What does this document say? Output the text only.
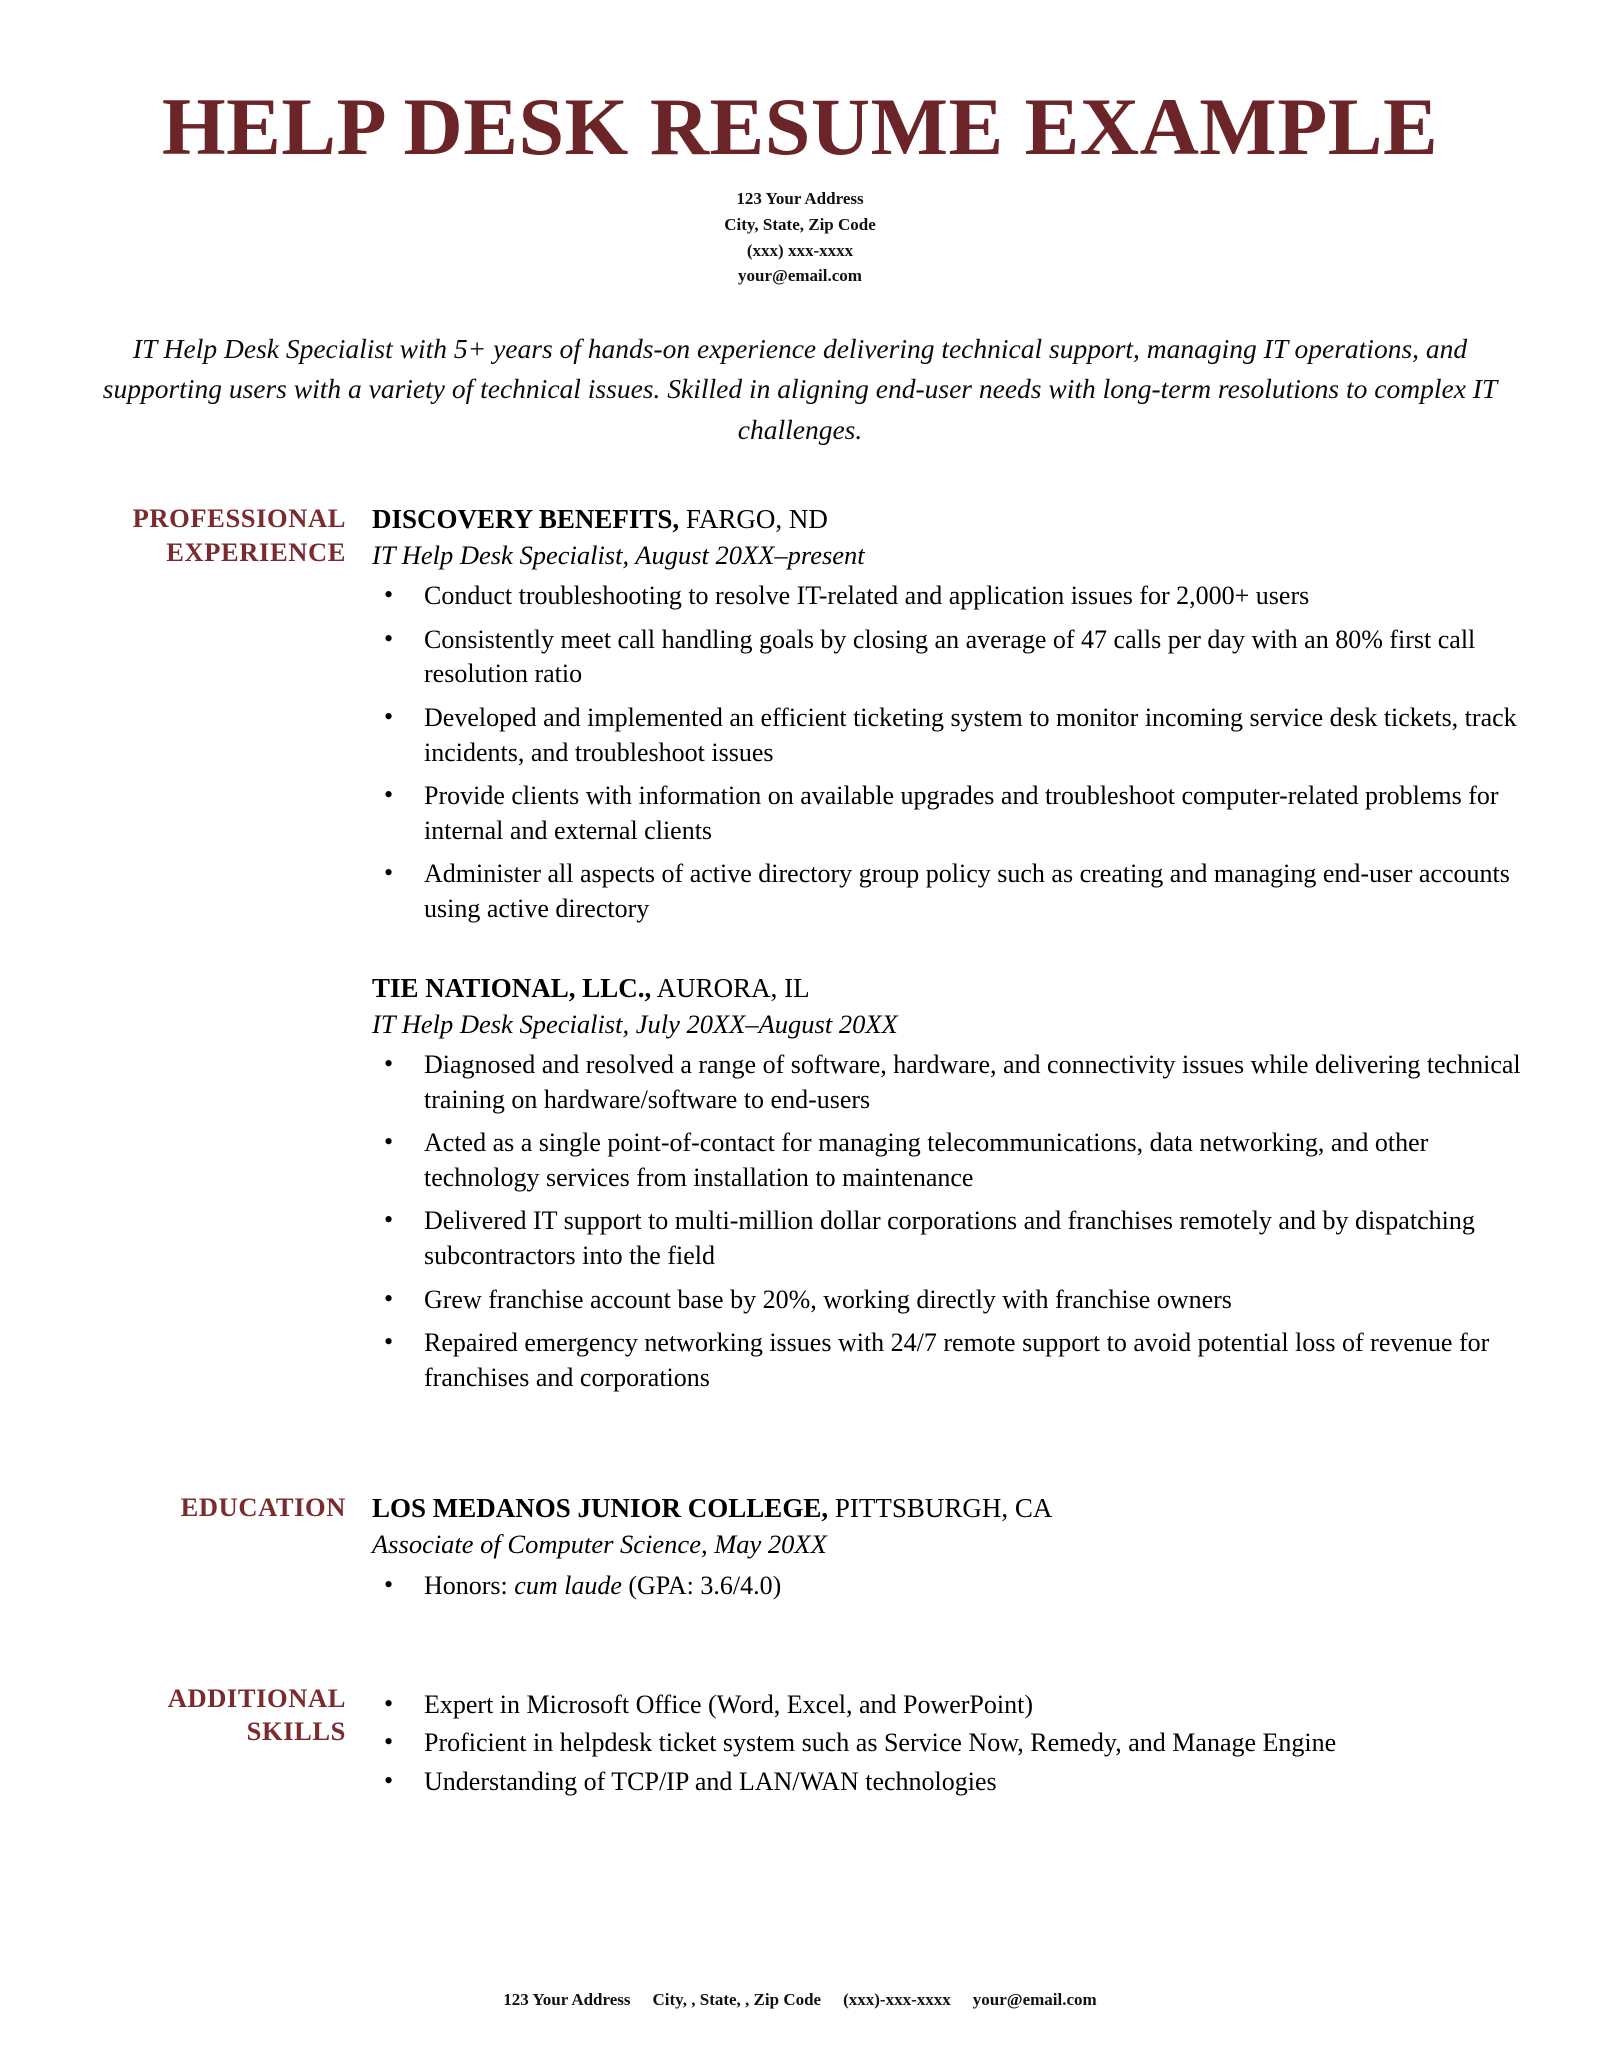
HELP DESK RESUME EXAMPLE
123 Your Address
City, State, Zip Code
(xxx) xxx-xxxx
your@email.com

IT Help Desk Specialist with 5+ years of hands-on experience delivering technical support, managing IT operations, and supporting users with a variety of technical issues. Skilled in aligning end-user needs with long-term resolutions to complex IT challenges.

PROFESSIONAL
EXPERIENCE
DISCOVERY BENEFITS, FARGO, ND
IT Help Desk Specialist, August 20XX–present
• Conduct troubleshooting to resolve IT-related and application issues for 2,000+ users
• Consistently meet call handling goals by closing an average of 47 calls per day with an 80% first call resolution ratio
• Developed and implemented an efficient ticketing system to monitor incoming service desk tickets, track incidents, and troubleshoot issues
• Provide clients with information on available upgrades and troubleshoot computer-related problems for internal and external clients
• Administer all aspects of active directory group policy such as creating and managing end-user accounts using active directory
TIE NATIONAL, LLC., AURORA, IL
IT Help Desk Specialist, July 20XX–August 20XX
• Diagnosed and resolved a range of software, hardware, and connectivity issues while delivering technical training on hardware/software to end-users
• Acted as a single point-of-contact for managing telecommunications, data networking, and other technology services from installation to maintenance
• Delivered IT support to multi-million dollar corporations and franchises remotely and by dispatching subcontractors into the field
• Grew franchise account base by 20%, working directly with franchise owners
• Repaired emergency networking issues with 24/7 remote support to avoid potential loss of revenue for franchises and corporations
EDUCATION LOS MEDANOS JUNIOR COLLEGE, PITTSBURGH, CA
Associate of Computer Science, May 20XX
• Honors: cum laude (GPA: 3.6/4.0)
ADDITIONAL
SKILLS
• Expert in Microsoft Office (Word, Excel, and PowerPoint)
• Proficient in helpdesk ticket system such as Service Now, Remedy, and Manage Engine
• Understanding of TCP/IP and LAN/WAN technologies
123 Your Address City, , State, , Zip Code (xxx)-xxx-xxxx your@email.com
